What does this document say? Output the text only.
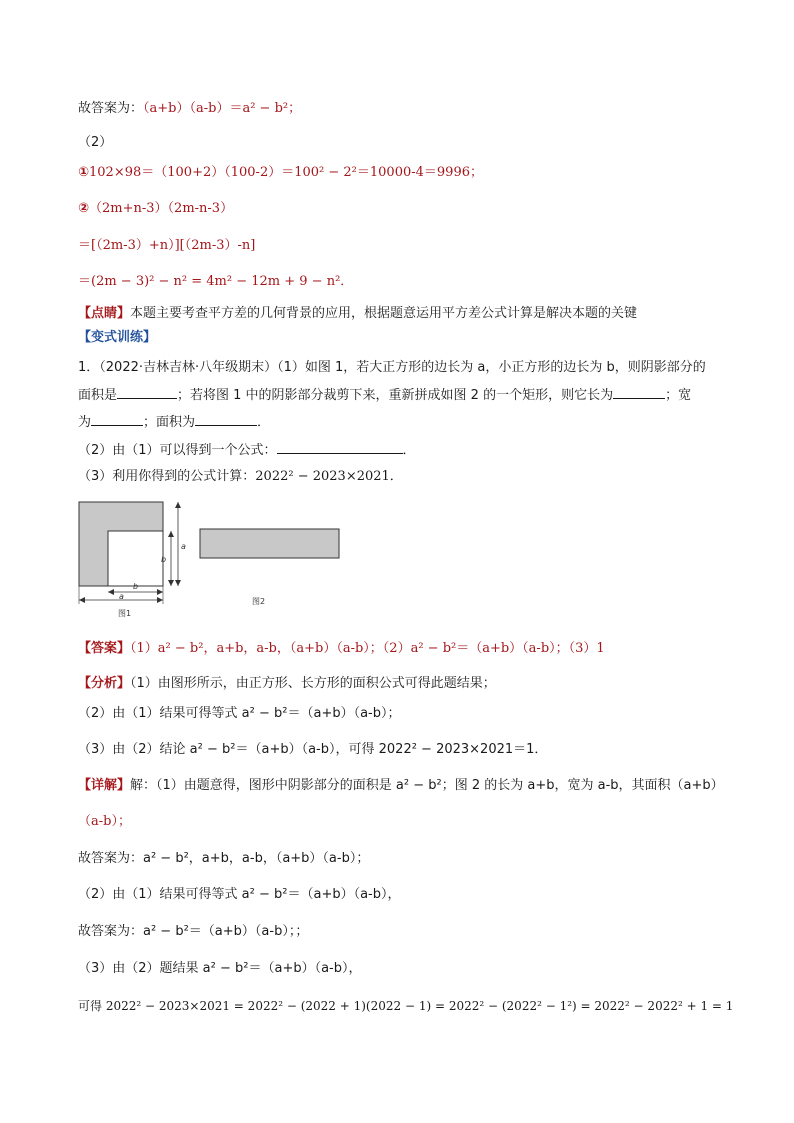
故答案为：（a+b）（a-b）＝a² − b²；
（2）
①102×98＝（100+2）（100-2）＝100² − 2²＝10000-4＝9996；
②（2m+n-3）（2m-n-3）
＝[（2m-3）+n）][（2m-3）-n]
＝(2m − 3)² − n² = 4m² − 12m + 9 − n²．
【点睛】本题主要考查平方差的几何背景的应用，根据题意运用平方差公式计算是解决本题的关键
【变式训练】
1．（2022·吉林吉林·八年级期末）（1）如图 1，若大正方形的边长为 a，小正方形的边长为 b，则阴影部分的
面积是	；若将图 1 中的阴影部分裁剪下来，重新拼成如图 2 的一个矩形，则它长为	；宽
为	；面积为	．
（2）由（1）可以得到一个公式：	．
（3）利用你得到的公式计算：2022² − 2023×2021．
a
b
b
a
图1
图2
【答案】（1）a² − b²，a+b，a-b，（a+b）（a-b）；（2）a² − b²＝（a+b）（a-b）；（3）1
【分析】（1）由图形所示，由正方形、长方形的面积公式可得此题结果；
（2）由（1）结果可得等式 a² − b²＝（a+b）（a-b）；
（3）由（2）结论 a² − b²＝（a+b）（a-b），可得 2022² − 2023×2021＝1．
【详解】解：（1）由题意得，图形中阴影部分的面积是 a² − b²；图 2 的长为 a+b，宽为 a-b，其面积（a+b）
（a-b）；
故答案为：a² − b²，a+b，a-b，（a+b）（a-b）；
（2）由（1）结果可得等式 a² − b²＝（a+b）（a-b），
故答案为：a² − b²＝（a+b）（a-b）；；
（3）由（2）题结果 a² − b²＝（a+b）（a-b），
可得 2022² − 2023×2021 = 2022² − (2022 + 1)(2022 − 1) = 2022² − (2022² − 1²) = 2022² − 2022² + 1 = 1
